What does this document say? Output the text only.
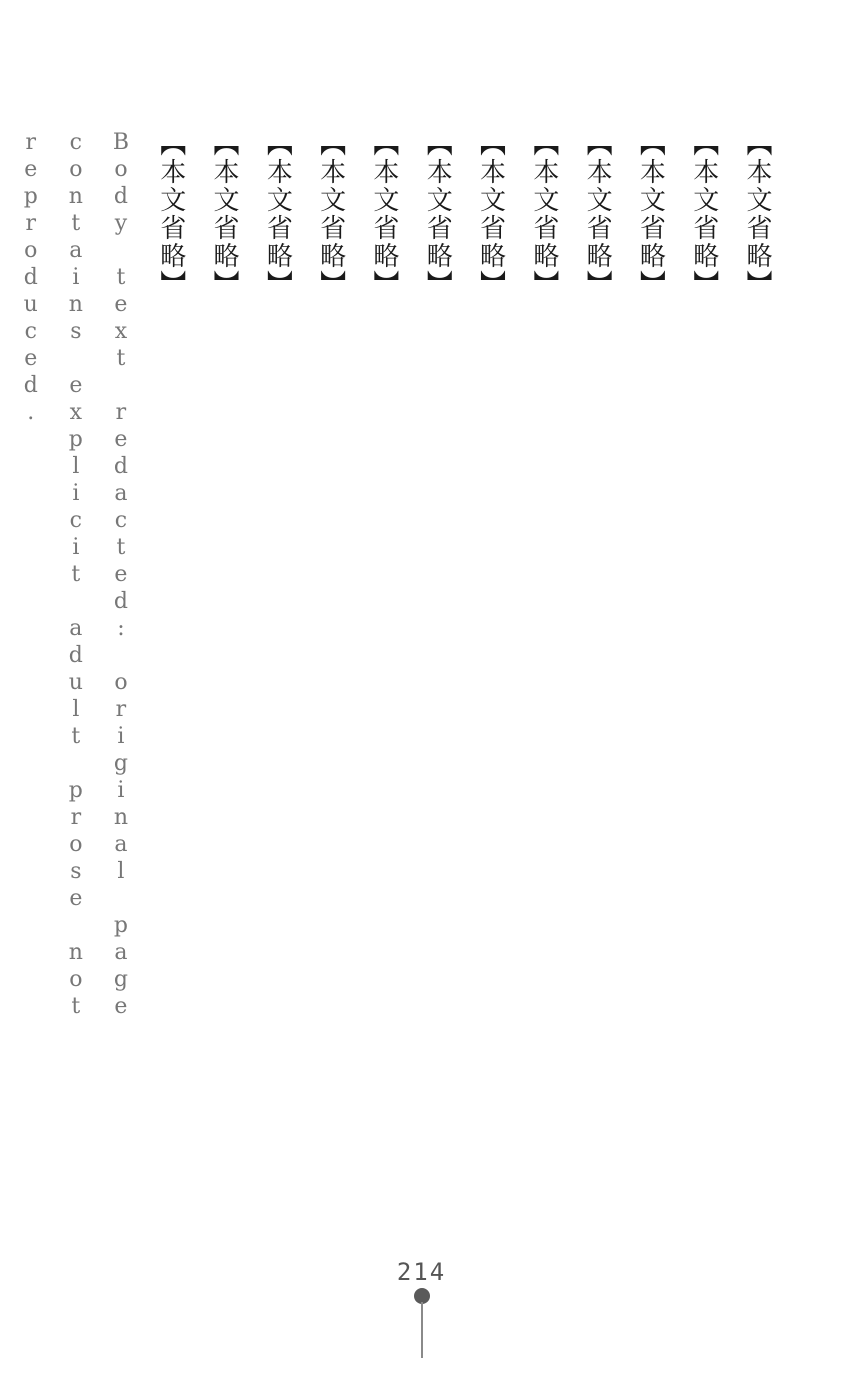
【本文省略】

【本文省略】

【本文省略】

【本文省略】

【本文省略】

【本文省略】

【本文省略】

【本文省略】

【本文省略】

【本文省略】

【本文省略】

【本文省略】

Body text redacted: original page contains explicit adult prose not reproduced.
214
